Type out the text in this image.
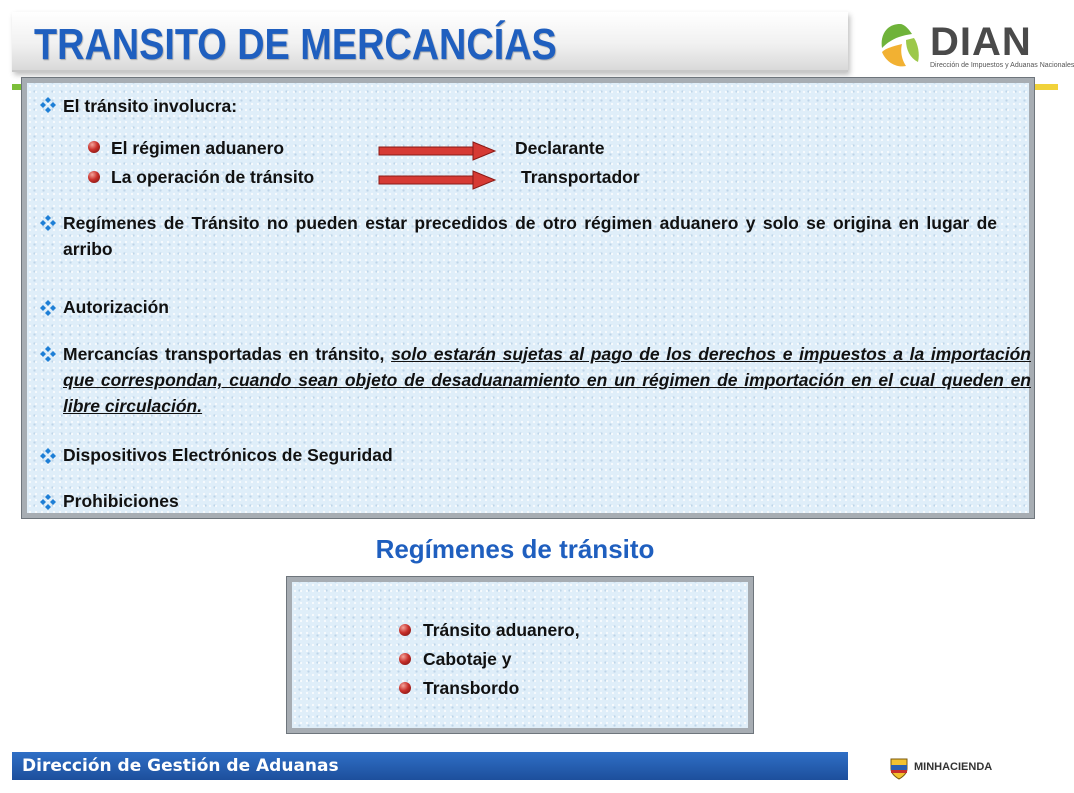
TRANSITO DE MERCANCÍAS	DIAN
Dirección de Impuestos y Aduanas Nacionales
El tránsito involucra:
El régimen aduanero	Declarante
La operación de tránsito	Transportador
Regímenes de Tránsito no pueden estar precedidos de otro régimen aduanero y solo se origina en lugar de arribo
Autorización
Mercancías transportadas en tránsito, solo estarán sujetas al pago de los derechos e impuestos a la importación que correspondan, cuando sean objeto de desaduanamiento en un régimen de importación en el cual queden en libre circulación.
Dispositivos Electrónicos de Seguridad
Prohibiciones
Regímenes de tránsito
Tránsito aduanero,
Cabotaje y
Transbordo
Dirección de Gestión de Aduanas	MINHACIENDA
